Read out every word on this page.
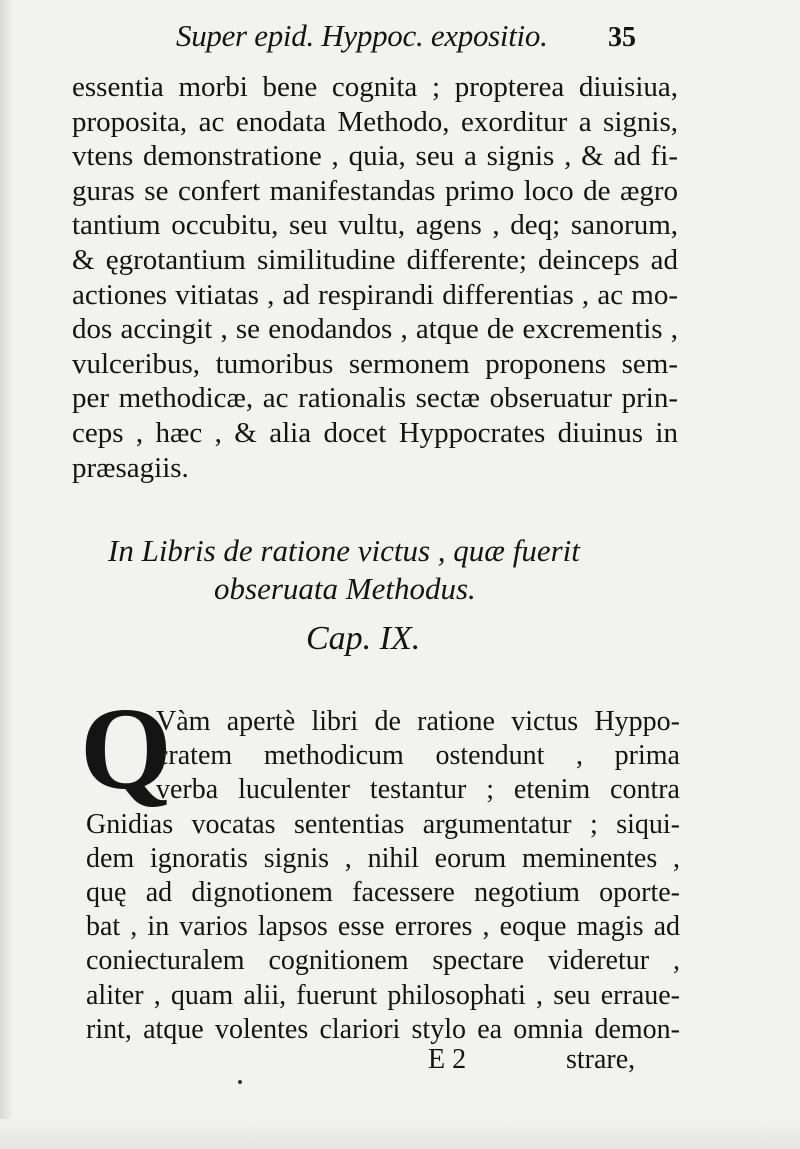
Super epid. Hyppoc. expositio. 35
essentia morbi bene cognita ; propterea diuisiua,
proposita, ac enodata Methodo, exorditur a signis,
vtens demonstratione , quia, seu a signis , & ad fi-
guras se confert manifestandas primo loco de ægro
tantium occubitu, seu vultu, agens , deq; sanorum,
& ęgrotantium similitudine differente; deinceps ad
actiones vitiatas , ad respirandi differentias , ac mo-
dos accingit , se enodandos , atque de excrementis ,
vulceribus, tumoribus sermonem proponens sem-
per methodicæ, ac rationalis sectæ obseruatur prin-
ceps , hæc , & alia docet Hyppocrates diuinus in
præsagiis.
In Libris de ratione victus , quæ fuerit
obseruata Methodus.
Cap. IX.
Q
Vàm apertè libri de ratione victus Hyppo-
cratem methodicum ostendunt , prima
verba luculenter testantur ; etenim contra
Gnidias vocatas sententias argumentatur ; siqui-
dem ignoratis signis , nihil eorum meminentes ,
quę ad dignotionem facessere negotium oporte-
bat , in varios lapsos esse errores , eoque magis ad
coniecturalem cognitionem spectare videretur ,
aliter , quam alii, fuerunt philosophati , seu erraue-
rint, atque volentes clariori stylo ea omnia demon-
E 2	strare,
